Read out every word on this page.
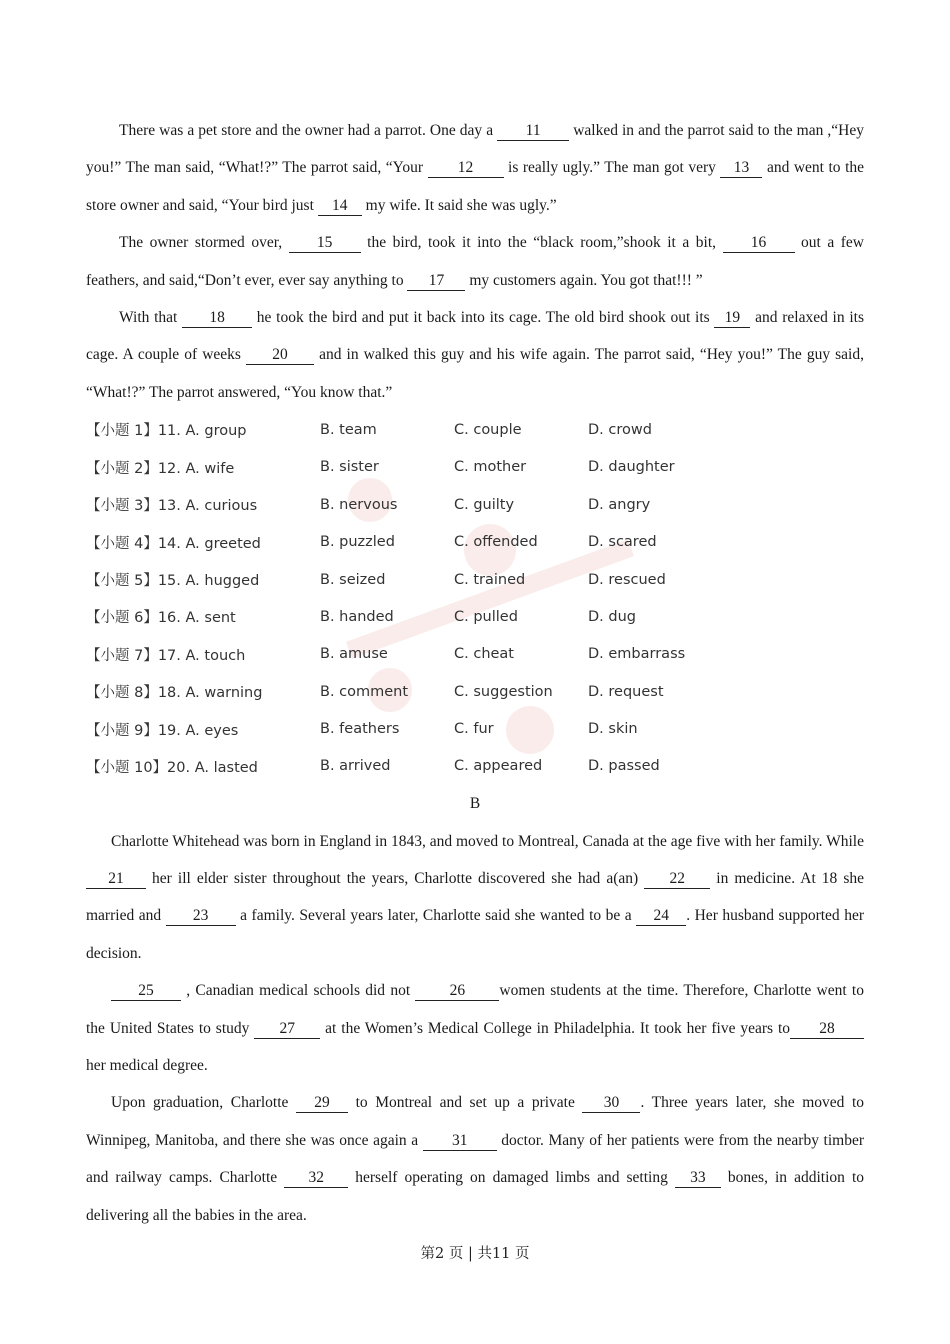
There was a pet store and the owner had a parrot. One day a 11 walked in and the parrot said to the man ,“Hey you!” The man said, “What!?” The parrot said, “Your 12 is really ugly.” The man got very 13 and went to the store owner and said, “Your bird just 14 my wife. It said she was ugly.”
The owner stormed over, 15 the bird, took it into the “black room,”shook it a bit, 16 out a few feathers, and said,“Don’t ever, ever say anything to 17 my customers again. You got that!!! ”
With that 18 he took the bird and put it back into its cage. The old bird shook out its 19 and relaxed in its cage. A couple of weeks 20 and in walked this guy and his wife again. The parrot said, “Hey you!” The guy said, “What!?” The parrot answered, “You know that.”
【小题 1】11. A. group	B. team	C. couple	D. crowd
【小题 2】12. A. wife	B. sister	C. mother	D. daughter
【小题 3】13. A. curious	B. nervous	C. guilty	D. angry
【小题 4】14. A. greeted	B. puzzled	C. offended	D. scared
【小题 5】15. A. hugged	B. seized	C. trained	D. rescued
【小题 6】16. A. sent	B. handed	C. pulled	D. dug
【小题 7】17. A. touch	B. amuse	C. cheat	D. embarrass
【小题 8】18. A. warning	B. comment	C. suggestion	D. request
【小题 9】19. A. eyes	B. feathers	C. fur	D. skin
【小题 10】20. A. lasted	B. arrived	C. appeared	D. passed
B
Charlotte Whitehead was born in England in 1843, and moved to Montreal, Canada at the age five with her family. While 21 her ill elder sister throughout the years, Charlotte discovered she had a(an) 22 in medicine. At 18 she married and 23 a family. Several years later, Charlotte said she wanted to be a 24 . Her husband supported her decision.
25 , Canadian medical schools did not 26 women students at the time. Therefore, Charlotte went to the United States to study 27 at the Women’s Medical College in Philadelphia. It took her five years to 28 her medical degree.
Upon graduation, Charlotte 29 to Montreal and set up a private 30 . Three years later, she moved to Winnipeg, Manitoba, and there she was once again a 31 doctor. Many of her patients were from the nearby timber and railway camps. Charlotte 32 herself operating on damaged limbs and setting 33 bones, in addition to delivering all the babies in the area.
第2 页 | 共11 页
